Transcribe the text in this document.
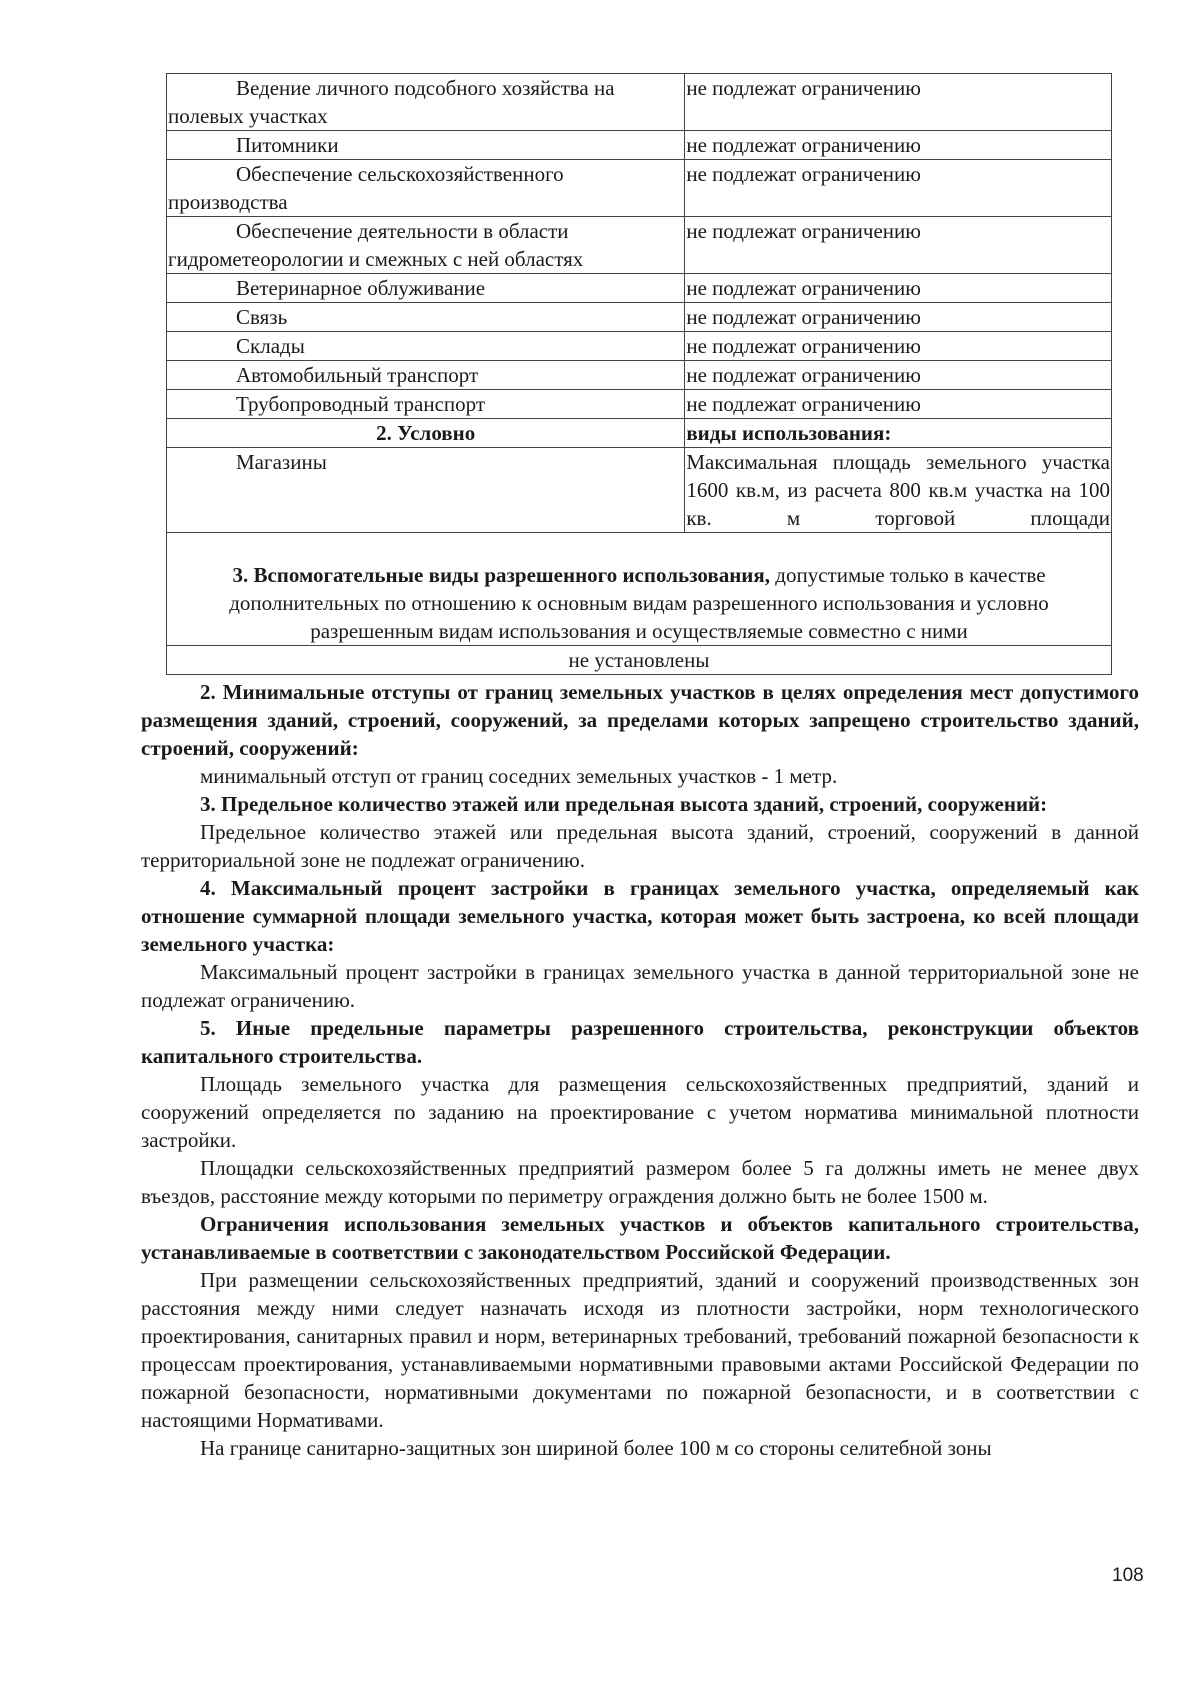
Ведение личного подсобного хозяйства на полевых участках	не подлежат ограничению
Питомники	не подлежат ограничению
Обеспечение сельскохозяйственного производства	не подлежат ограничению
Обеспечение деятельности в области гидрометеорологии и смежных с ней областях	не подлежат ограничению
Ветеринарное облуживание	не подлежат ограничению
Связь	не подлежат ограничению
Склады	не подлежат ограничению
Автомобильный транспорт	не подлежат ограничению
Трубопроводный транспорт	не подлежат ограничению
2. Условно	виды использования:
Магазины	Максимальная площадь земельного участка 1600 кв.м, из расчета 800 кв.м участка на 100 кв. м торговой площади
3. Вспомогательные виды разрешенного использования, допустимые только в качестве дополнительных по отношению к основным видам разрешенного использования и условно разрешенным видам использования и осуществляемые совместно с ними	
не установлены	

2. Минимальные отступы от границ земельных участков в целях определения мест допустимого размещения зданий, строений, сооружений, за пределами которых запрещено строительство зданий, строений, сооружений:

минимальный отступ от границ соседних земельных участков - 1 метр.

3. Предельное количество этажей или предельная высота зданий, строений, сооружений:

Предельное количество этажей или предельная высота зданий, строений, сооружений в данной территориальной зоне не подлежат ограничению.

4. Максимальный процент застройки в границах земельного участка, определяемый как отношение суммарной площади земельного участка, которая может быть застроена, ко всей площади земельного участка:

Максимальный процент застройки в границах земельного участка в данной территориальной зоне не подлежат ограничению.

5. Иные предельные параметры разрешенного строительства, реконструкции объектов капитального строительства.

Площадь земельного участка для размещения сельскохозяйственных предприятий, зданий и сооружений определяется по заданию на проектирование с учетом норматива минимальной плотности застройки.

Площадки сельскохозяйственных предприятий размером более 5 га должны иметь не менее двух въездов, расстояние между которыми по периметру ограждения должно быть не более 1500 м.

Ограничения использования земельных участков и объектов капитального строительства, устанавливаемые в соответствии с законодательством Российской Федерации.

При размещении сельскохозяйственных предприятий, зданий и сооружений производственных зон расстояния между ними следует назначать исходя из плотности застройки, норм технологического проектирования, санитарных правил и норм, ветеринарных требований, требований пожарной безопасности к процессам проектирования, устанавливаемыми нормативными правовыми актами Российской Федерации по пожарной безопасности, нормативными документами по пожарной безопасности, и в соответствии с настоящими Нормативами.

На границе санитарно-защитных зон шириной более 100 м со стороны селитебной зоны

108
